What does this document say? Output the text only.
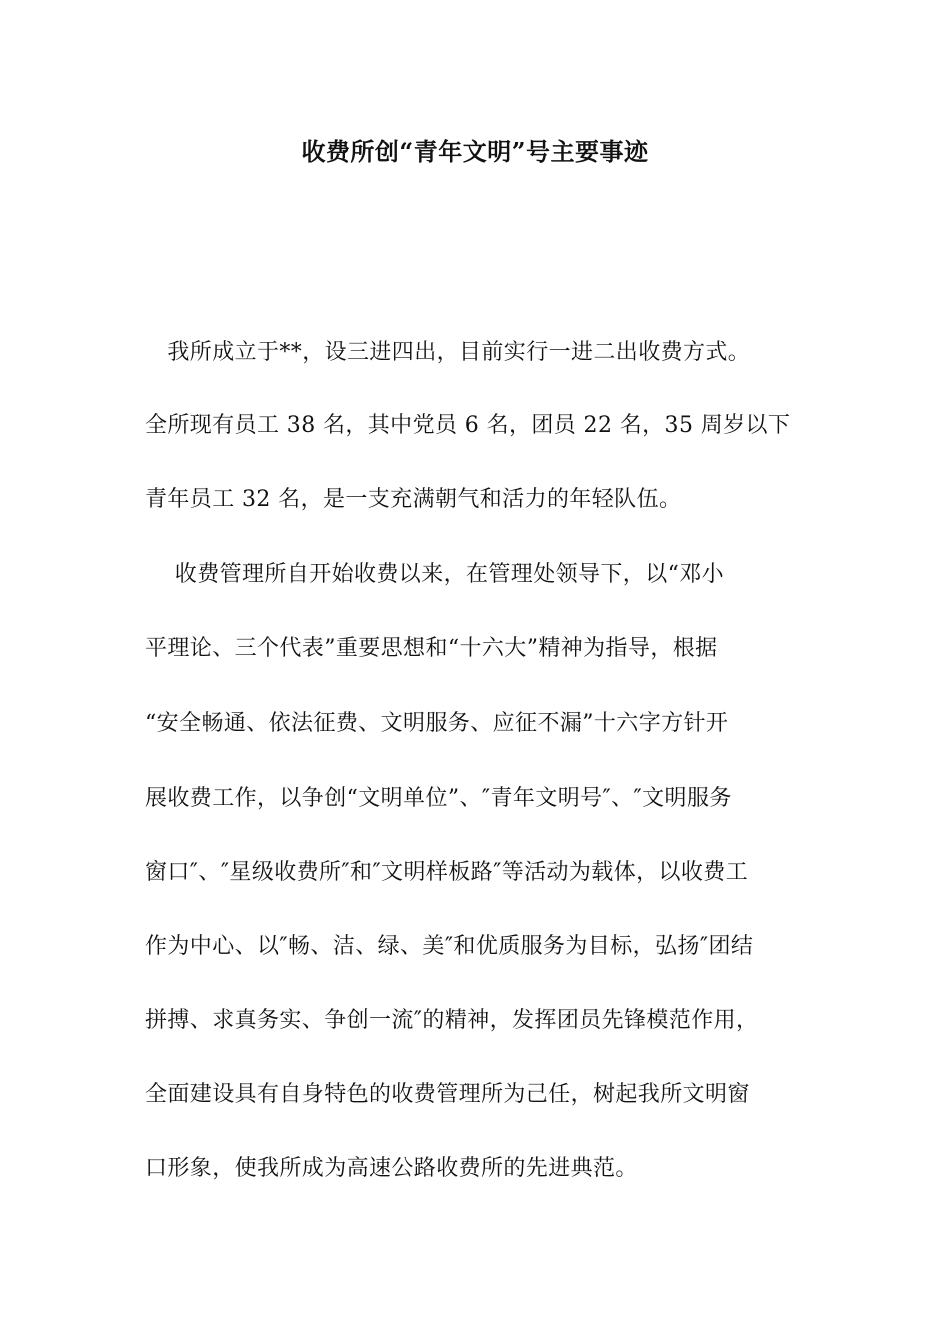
收费所创“青年文明”号主要事迹
　我所成立于**，设三进四出，目前实行一进二出收费方式。
全所现有员工 38 名，其中党员 6 名，团员 22 名，35 周岁以下
青年员工 32 名，是一支充满朝气和活力的年轻队伍。
　 收费管理所自开始收费以来，在管理处领导下，以“邓小
平理论、三个代表”重要思想和“十六大”精神为指导，根据
“安全畅通、依法征费、文明服务、应征不漏”十六字方针开
展收费工作，以争创“文明单位”、″青年文明号″、″文明服务
窗口″、″星级收费所″和″文明样板路″等活动为载体，以收费工
作为中心、以″畅、洁、绿、美″和优质服务为目标，弘扬″团结
拼搏、求真务实、争创一流″的精神，发挥团员先锋模范作用，
全面建设具有自身特色的收费管理所为己任，树起我所文明窗
口形象，使我所成为高速公路收费所的先进典范。
